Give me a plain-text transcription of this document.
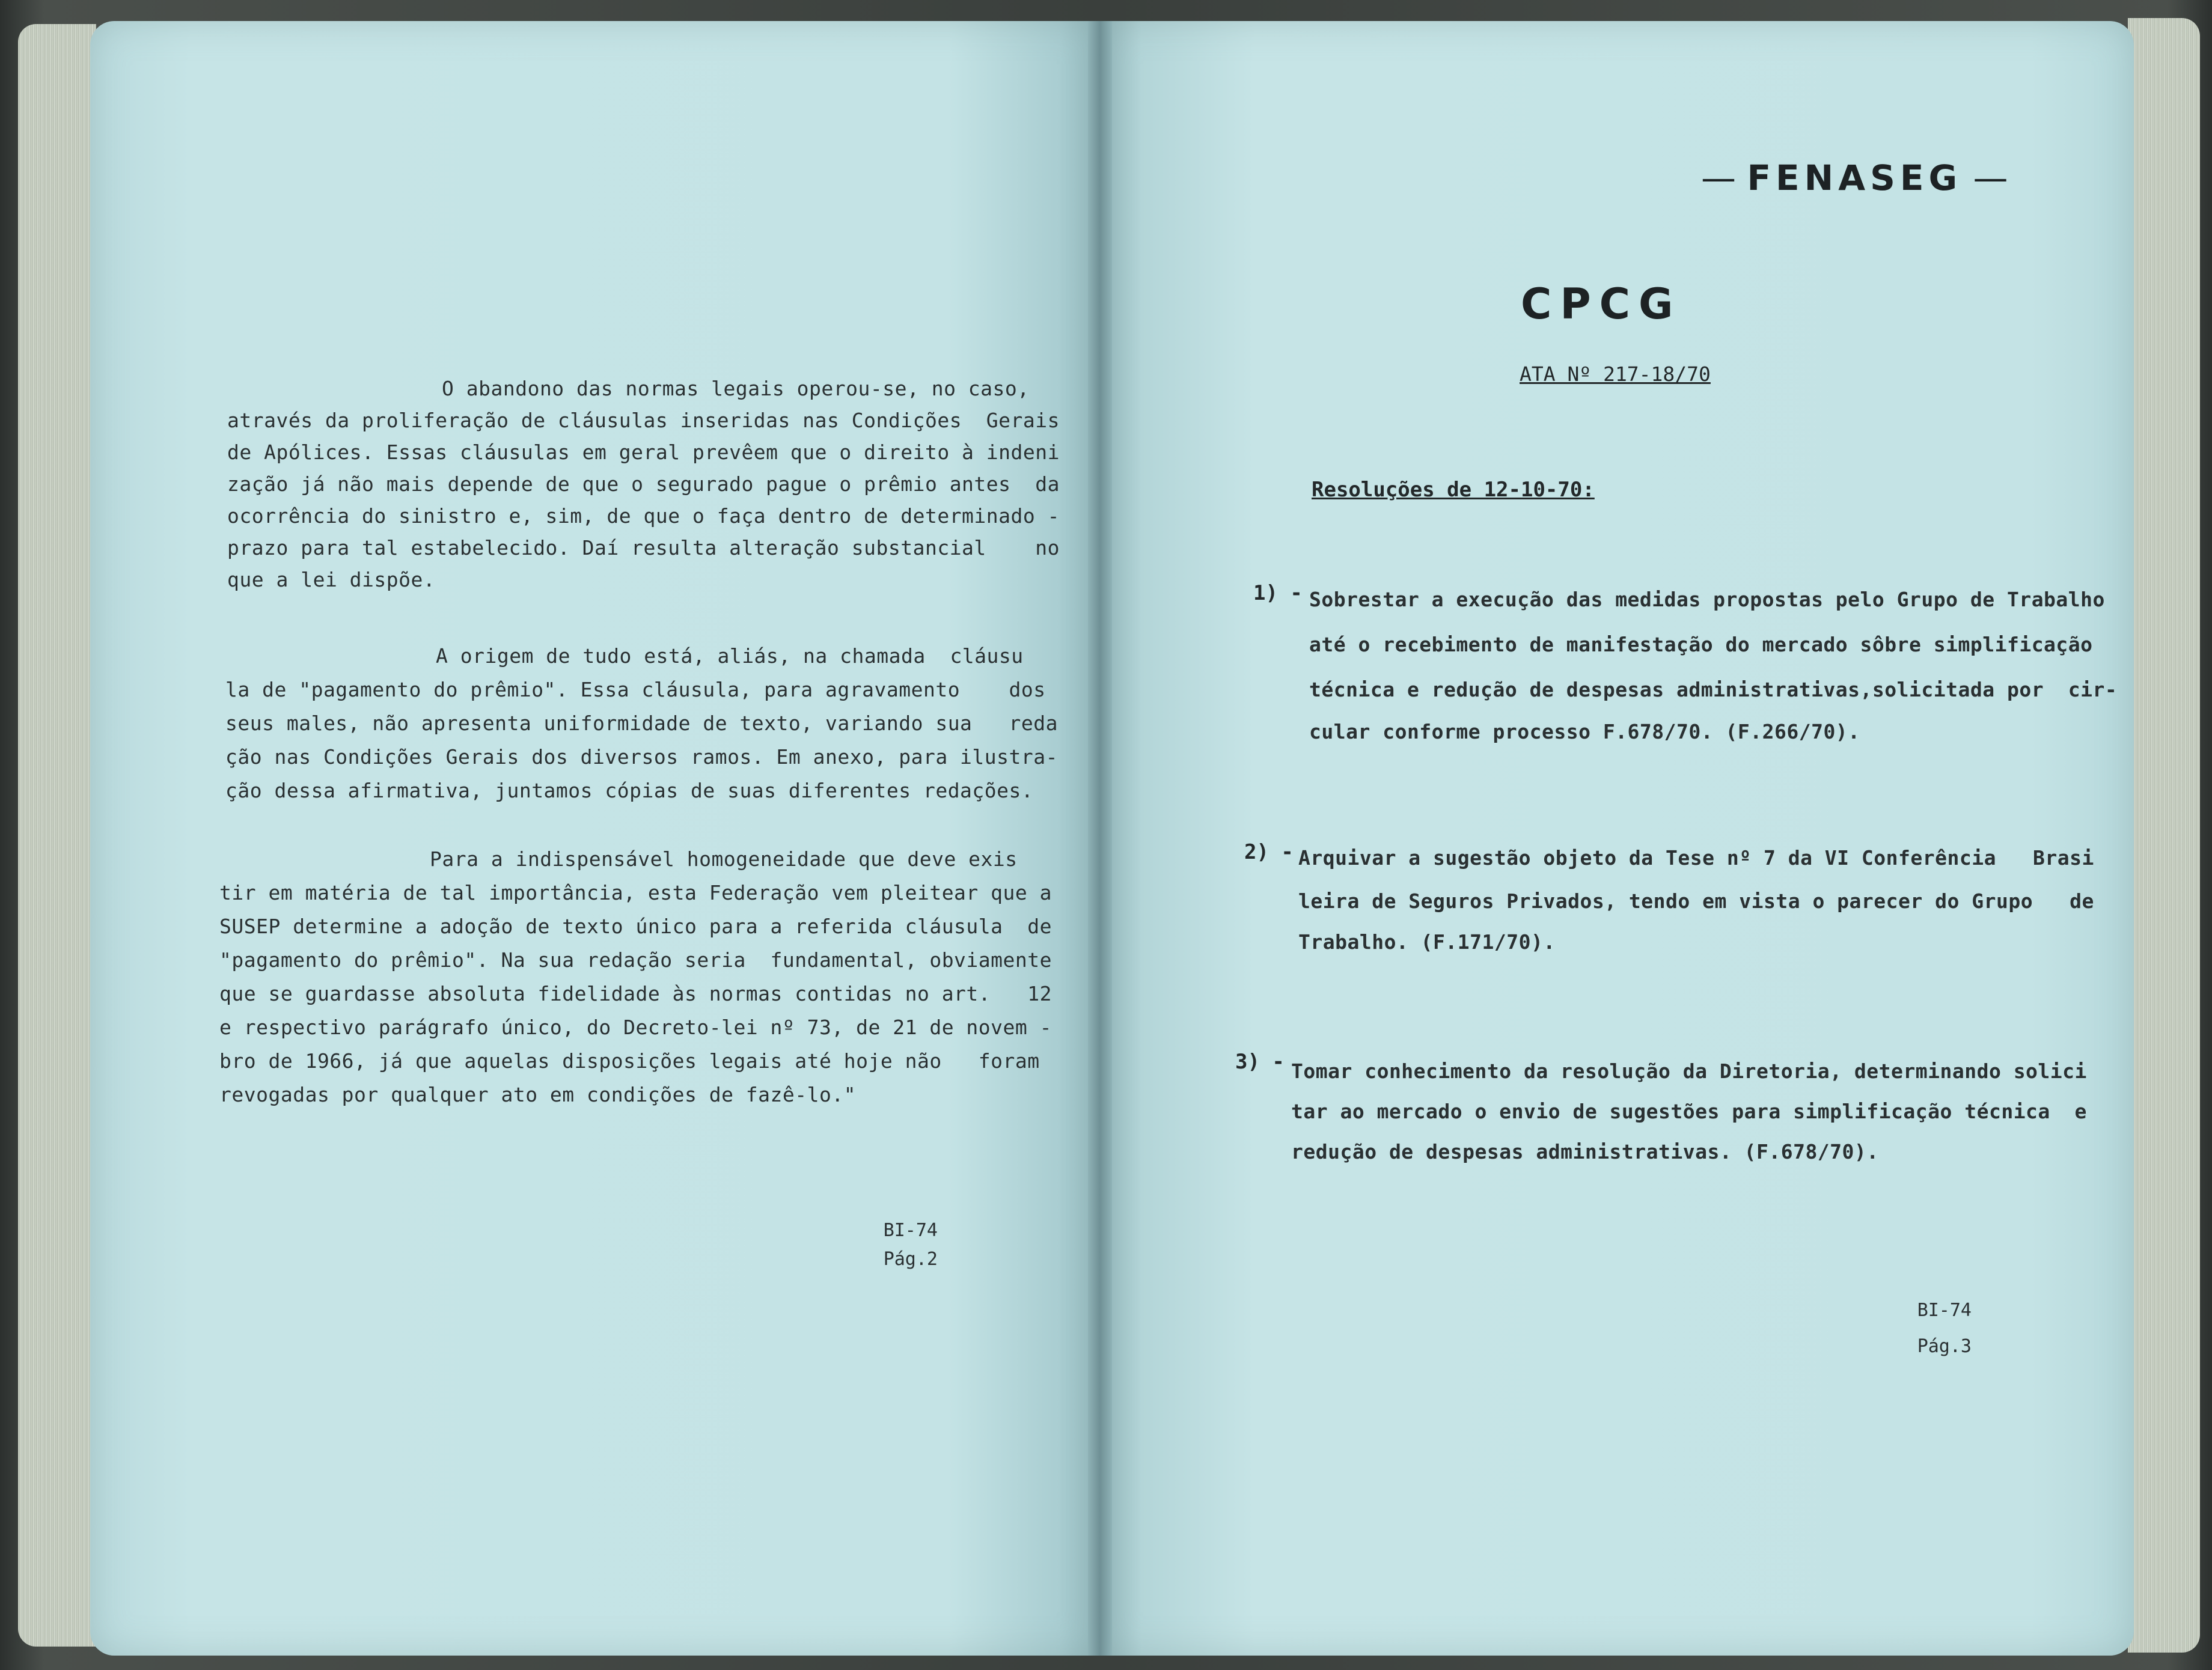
O abandono das normas legais operou-se, no caso,
através da proliferação de cláusulas inseridas nas Condições  Gerais
de Apólices. Essas cláusulas em geral prevêem que o direito à indeni
zação já não mais depende de que o segurado pague o prêmio antes  da
ocorrência do sinistro e, sim, de que o faça dentro de determinado -
prazo para tal estabelecido. Daí resulta alteração substancial    no
que a lei dispõe.
A origem de tudo está, aliás, na chamada  cláusu
la de "pagamento do prêmio". Essa cláusula, para agravamento    dos
seus males, não apresenta uniformidade de texto, variando sua   reda
ção nas Condições Gerais dos diversos ramos. Em anexo, para ilustra-
ção dessa afirmativa, juntamos cópias de suas diferentes redações.
Para a indispensável homogeneidade que deve exis
tir em matéria de tal importância, esta Federação vem pleitear que a
SUSEP determine a adoção de texto único para a referida cláusula  de
"pagamento do prêmio". Na sua redação seria  fundamental, obviamente
que se guardasse absoluta fidelidade às normas contidas no art.   12
e respectivo parágrafo único, do Decreto-lei nº 73, de 21 de novem -
bro de 1966, já que aquelas disposições legais até hoje não   foram
revogadas por qualquer ato em condições de fazê-lo."
BI-74
Pág.2
— FENASEG —
CPCG
ATA Nº 217-18/70
Resoluções de 12-10-70:
1) - Sobrestar a execução das medidas propostas pelo Grupo de Trabalho
até o recebimento de manifestação do mercado sôbre simplificação
técnica e redução de despesas administrativas,solicitada por  cir-
cular conforme processo F.678/70. (F.266/70).
2) - Arquivar a sugestão objeto da Tese nº 7 da VI Conferência   Brasi
leira de Seguros Privados, tendo em vista o parecer do Grupo   de
Trabalho. (F.171/70).
3) - Tomar conhecimento da resolução da Diretoria, determinando solici
tar ao mercado o envio de sugestões para simplificação técnica  e
redução de despesas administrativas. (F.678/70).
BI-74
Pág.3
